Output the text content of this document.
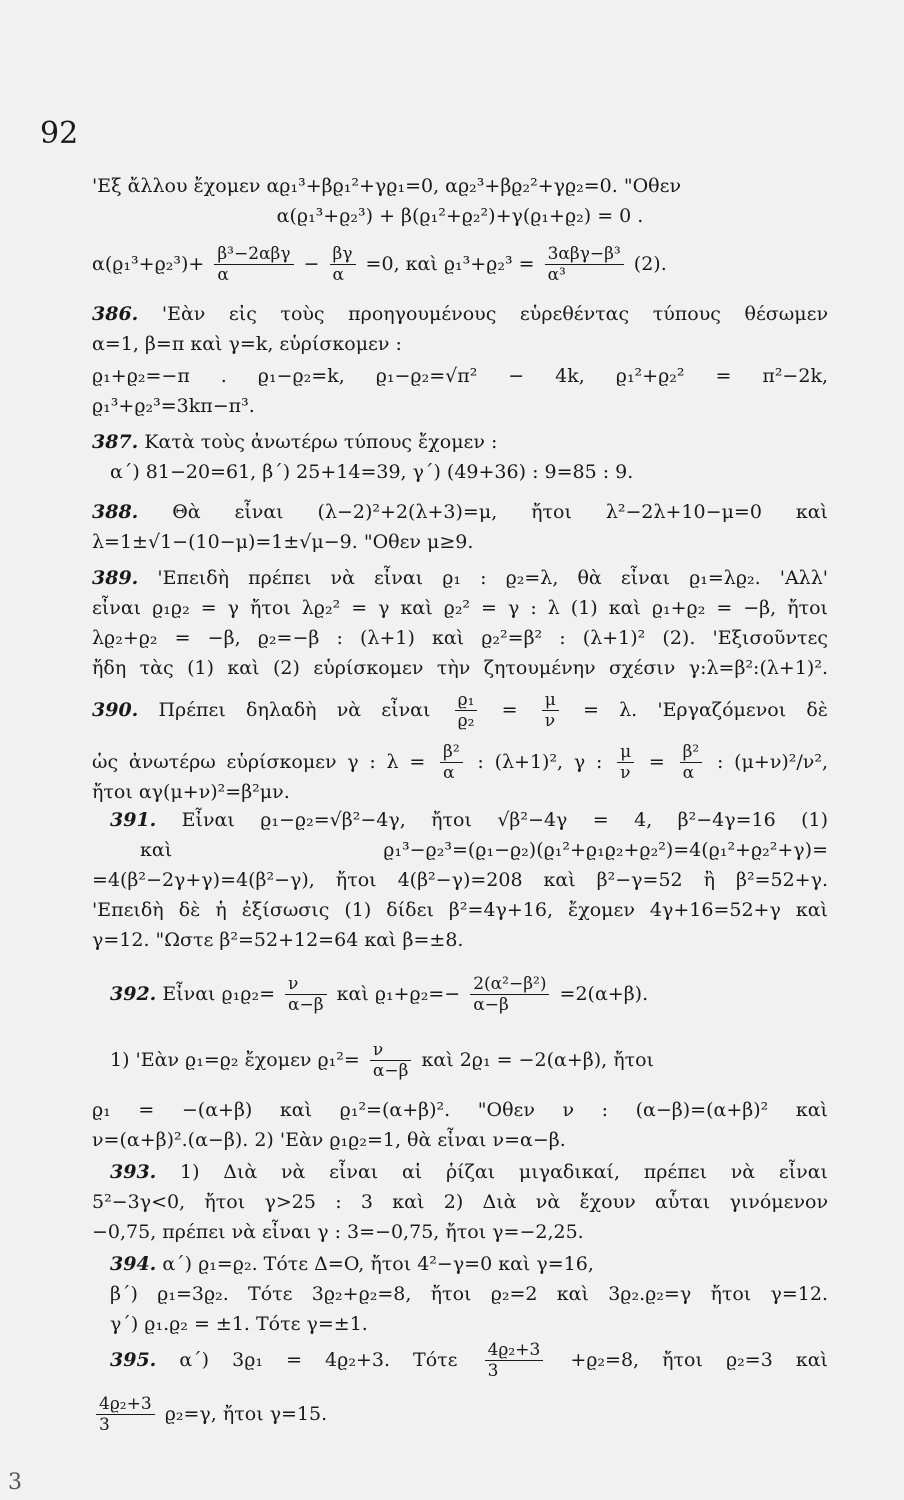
92
'Εξ ἄλλου ἔχομεν αϱ₁³+βϱ₁²+γϱ₁=0, αϱ₂³+βϱ₂²+γϱ₂=0. "Οθεν
α(ϱ₁³+ϱ₂³) + β(ϱ₁²+ϱ₂²)+γ(ϱ₁+ϱ₂) = 0 .
$\alpha(ϱ_1^3+ϱ_2^3)+ \frac{\text{β³−2αβγ}}{\alpha} - \frac{\beta\gamma}{\alpha} =0$, καὶ $ϱ_1^3+ϱ_2^3 = \frac{\text{3αβγ−β³}}{\text{α³}} (2)$.
386. 'Εὰν εἰς τοὺς προηγουμένους εὑρεθέντας τύπους θέσωμεν
α=1, β=π καὶ γ=k, εὑρίσκομεν :
ϱ₁+ϱ₂=−π . ϱ₁−ϱ₂=k, ϱ₁−ϱ₂=√π² − 4k, ϱ₁²+ϱ₂² = π²−2k,
ϱ₁³+ϱ₂³=3kπ−π³.
387. Κατὰ τοὺς ἀνωτέρω τύπους ἔχομεν :
α΄) 81−20=61, β΄) 25+14=39, γ΄) (49+36) : 9=85 : 9.
388. Θὰ εἶναι (λ−2)²+2(λ+3)=μ, ἤτοι λ²−2λ+10−μ=0 καὶ
λ=1±√1−(10−μ)=1±√μ−9. "Οθεν μ≥9.
389. 'Επειδὴ πρέπει νὰ εἶναι ϱ₁ : ϱ₂=λ, θὰ εἶναι ϱ₁=λϱ₂. 'Αλλ'
εἶναι ϱ₁ϱ₂ = γ ἤτοι λϱ₂² = γ καὶ ϱ₂² = γ : λ (1) καὶ ϱ₁+ϱ₂ = −β, ἤτοι
λϱ₂+ϱ₂ = −β, ϱ₂=−β : (λ+1) καὶ ϱ₂²=β² : (λ+1)² (2). 'Εξισοῦντες
ἤδη τὰς (1) καὶ (2) εὑρίσκομεν τὴν ζητουμένην σχέσιν γ:λ=β²:(λ+1)².
390. Πρέπει δηλαδὴ νὰ εἶναι $\frac{\text{ϱ₁}}{\text{ϱ₂}} = \frac{\mu}{\nu} = \lambda$. 'Εργαζόμενοι δὲ
ὡς ἀνωτέρω εὑρίσκομεν γ : $\lambda = \frac{\text{β²}}{\alpha}$ : (λ+1)², γ : $\frac{\mu}{\nu} = \frac{\text{β²}}{\alpha}$ : (μ+ν)²/ν²,
ἤτοι αγ(μ+ν)²=β²μν.
391. Εἶναι ϱ₁−ϱ₂=√β²−4γ, ἤτοι √β²−4γ = 4, β²−4γ=16 (1)
καὶ ϱ₁³−ϱ₂³=(ϱ₁−ϱ₂)(ϱ₁²+ϱ₁ϱ₂+ϱ₂²)=4(ϱ₁²+ϱ₂²+γ)=
=4(β²−2γ+γ)=4(β²−γ), ἤτοι 4(β²−γ)=208 καὶ β²−γ=52 ἢ β²=52+γ.
'Επειδὴ δὲ ἡ ἐξίσωσις (1) δίδει β²=4γ+16, ἔχομεν 4γ+16=52+γ καὶ
γ=12. "Ωστε β²=52+12=64 καὶ β=±8.
392. Εἶναι $ϱ_1ϱ_2= \frac{\nu}{\alpha-\beta}$ καὶ $ϱ_1+ϱ_2=- \frac{\text{2(α²−β²)}}{\alpha-\beta} =2(\alpha+\beta)$.
1) 'Εὰν ϱ₁=ϱ₂ ἔχομεν $ϱ_1^2= \frac{\nu}{\alpha-\beta}$ καὶ 2ϱ₁ = −2(α+β), ἤτοι
ϱ₁ = −(α+β) καὶ ϱ₁²=(α+β)². "Οθεν ν : (α−β)=(α+β)² καὶ
ν=(α+β)².(α−β). 2) 'Εὰν ϱ₁ϱ₂=1, θὰ εἶναι ν=α−β.
393. 1) Διὰ νὰ εἶναι αἱ ῥίζαι μιγαδικαί, πρέπει νὰ εἶναι
5²−3γ<0, ἤτοι γ>25 : 3 καὶ 2) Διὰ νὰ ἔχουν αὗται γινόμενον
−0,75, πρέπει νὰ εἶναι γ : 3=−0,75, ἤτοι γ=−2,25.
394. α΄) ϱ₁=ϱ₂. Τότε Δ=O, ἤτοι 4²−γ=0 καὶ γ=16,
β΄) ϱ₁=3ϱ₂. Τότε 3ϱ₂+ϱ₂=8, ἤτοι ϱ₂=2 καὶ 3ϱ₂.ϱ₂=γ ἤτοι γ=12.
γ΄) ϱ₁.ϱ₂ = ±1. Τότε γ=±1.
395. α΄) 3ϱ₁ = 4ϱ₂+3. Τότε $\frac{\text{4ϱ₂+3}}{3} +ϱ_2=8$, ἤτοι ϱ₂=3 καὶ
$\frac{\text{4ϱ₂+3}}{3} ϱ_2=\gamma$, ἤτοι γ=15.
3
